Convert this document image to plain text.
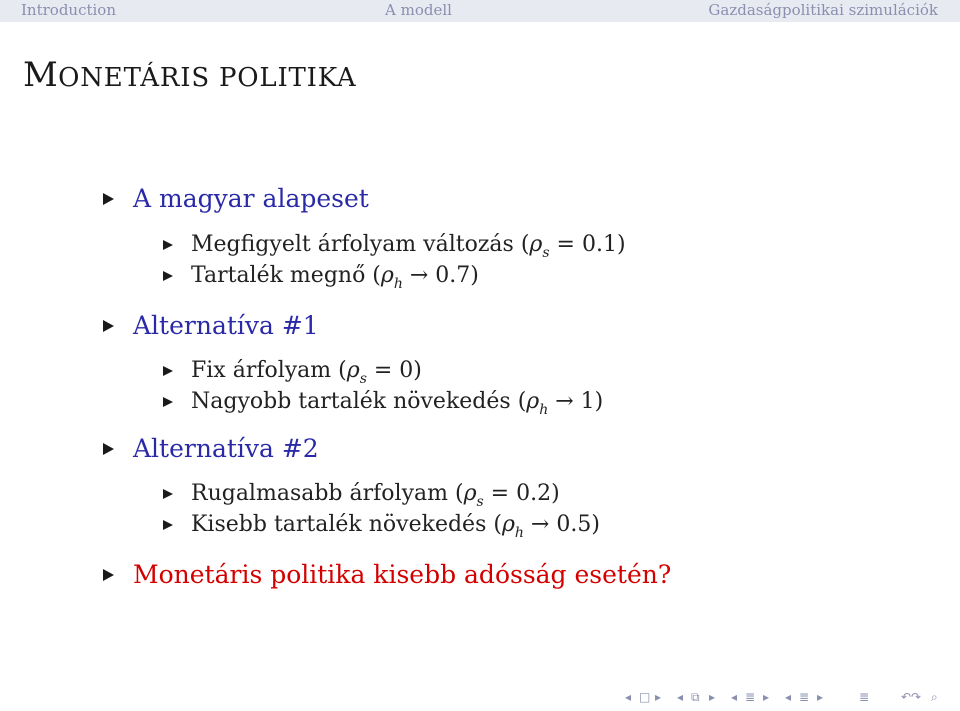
Introduction	A modell	Gazdaságpolitikai szimulációk
MONETÁRIS POLITIKA
A magyar alapeset
Megfigyelt árfolyam változás $(\rho_s = 0.1)$
Tartalék megnő $(\rho_h \to 0.7)$
Alternatíva #1
Fix árfolyam $(\rho_s = 0)$
Nagyobb tartalék növekedés $(\rho_h \to 1)$
Alternatíva #2
Rugalmasabb árfolyam $(\rho_s = 0.2)$
Kisebb tartalék növekedés $(\rho_h \to 0.5)$
Monetáris politika kisebb adósság esetén?
◂ □ ▸ ◂ ⧉ ▸ ◂ ≣ ▸ ◂ ≣ ▸	≣	↶↷ ⌕
